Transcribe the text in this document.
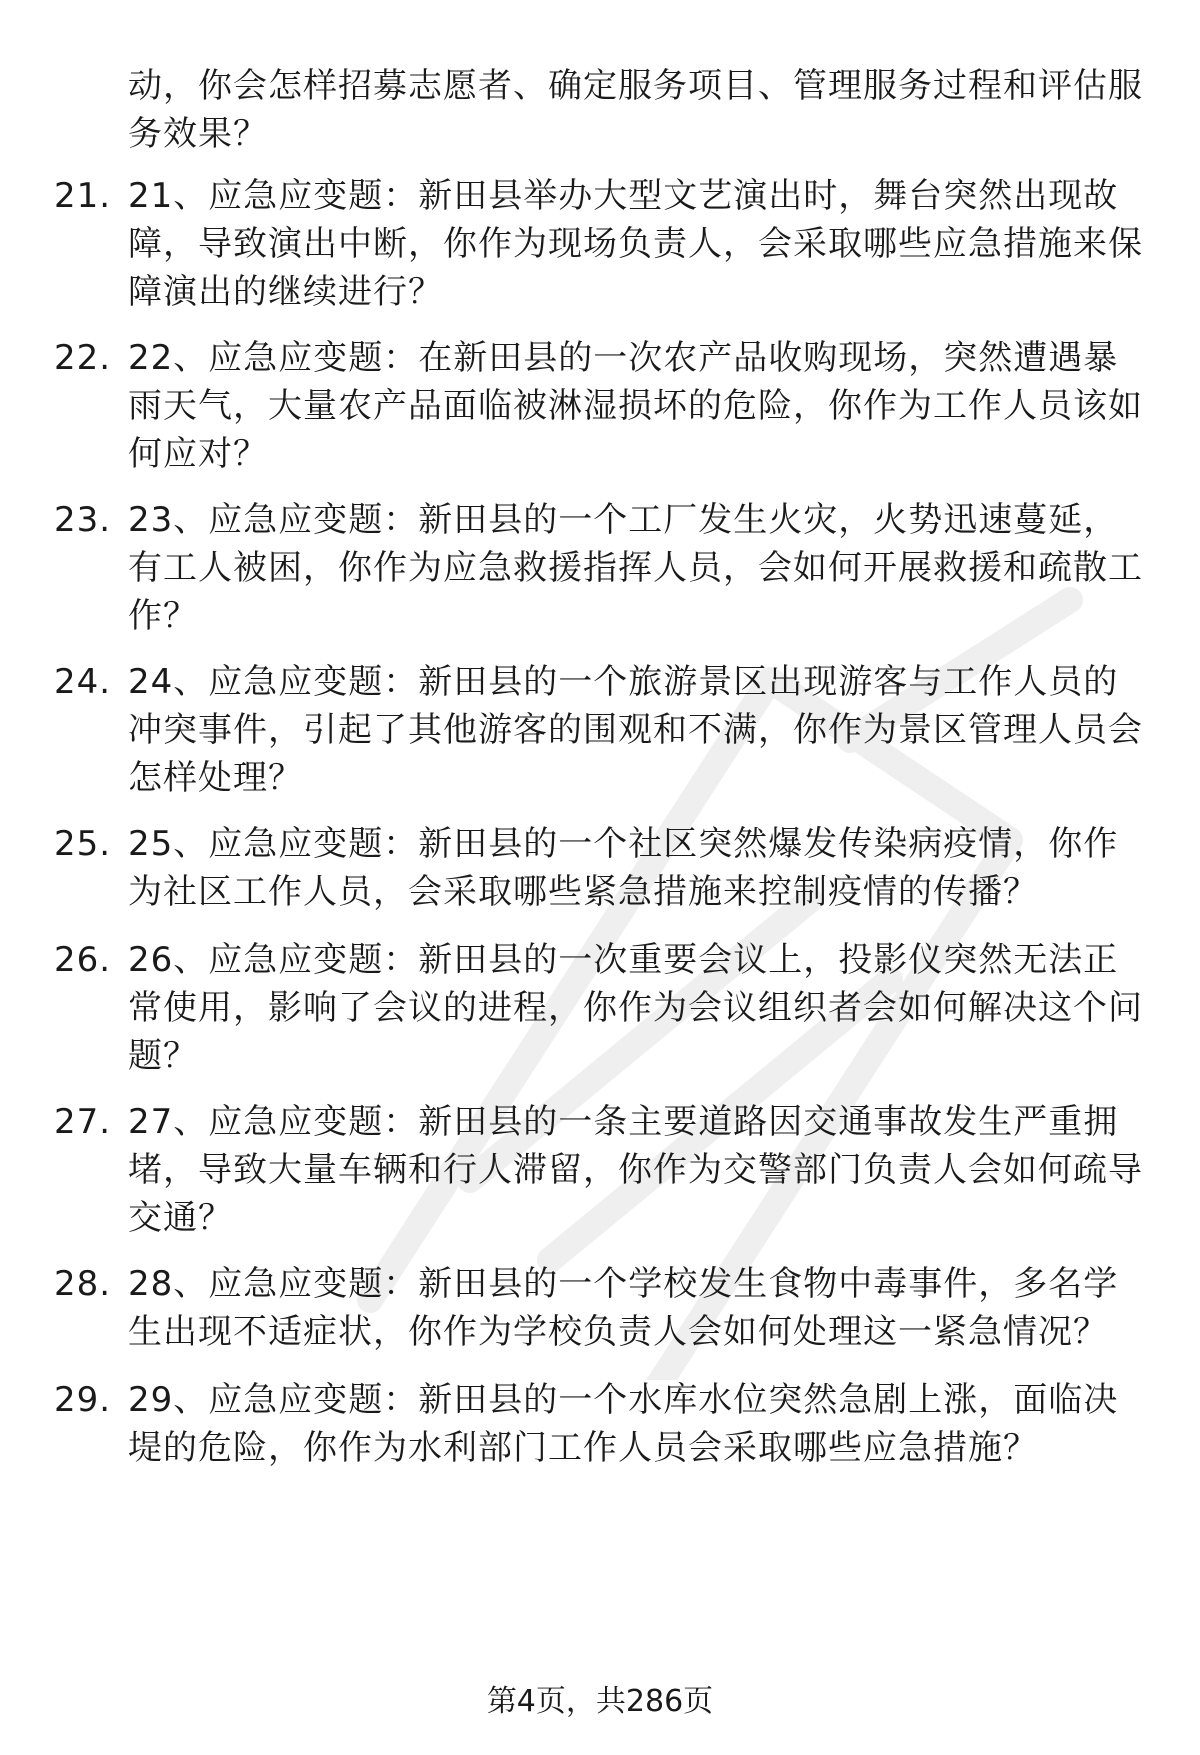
动，你会怎样招募志愿者、确定服务项目、管理服务过程和评估服务效果？
21. 21、应急应变题：新田县举办大型文艺演出时，舞台突然出现故障，导致演出中断，你作为现场负责人，会采取哪些应急措施来保障演出的继续进行？
22. 22、应急应变题：在新田县的一次农产品收购现场，突然遭遇暴雨天气，大量农产品面临被淋湿损坏的危险，你作为工作人员该如何应对？
23. 23、应急应变题：新田县的一个工厂发生火灾，火势迅速蔓延，有工人被困，你作为应急救援指挥人员，会如何开展救援和疏散工作？
24. 24、应急应变题：新田县的一个旅游景区出现游客与工作人员的冲突事件，引起了其他游客的围观和不满，你作为景区管理人员会怎样处理？
25. 25、应急应变题：新田县的一个社区突然爆发传染病疫情，你作为社区工作人员，会采取哪些紧急措施来控制疫情的传播？
26. 26、应急应变题：新田县的一次重要会议上，投影仪突然无法正常使用，影响了会议的进程，你作为会议组织者会如何解决这个问题？
27. 27、应急应变题：新田县的一条主要道路因交通事故发生严重拥堵，导致大量车辆和行人滞留，你作为交警部门负责人会如何疏导交通？
28. 28、应急应变题：新田县的一个学校发生食物中毒事件，多名学生出现不适症状，你作为学校负责人会如何处理这一紧急情况？
29. 29、应急应变题：新田县的一个水库水位突然急剧上涨，面临决堤的危险，你作为水利部门工作人员会采取哪些应急措施？
第4页，共286页
